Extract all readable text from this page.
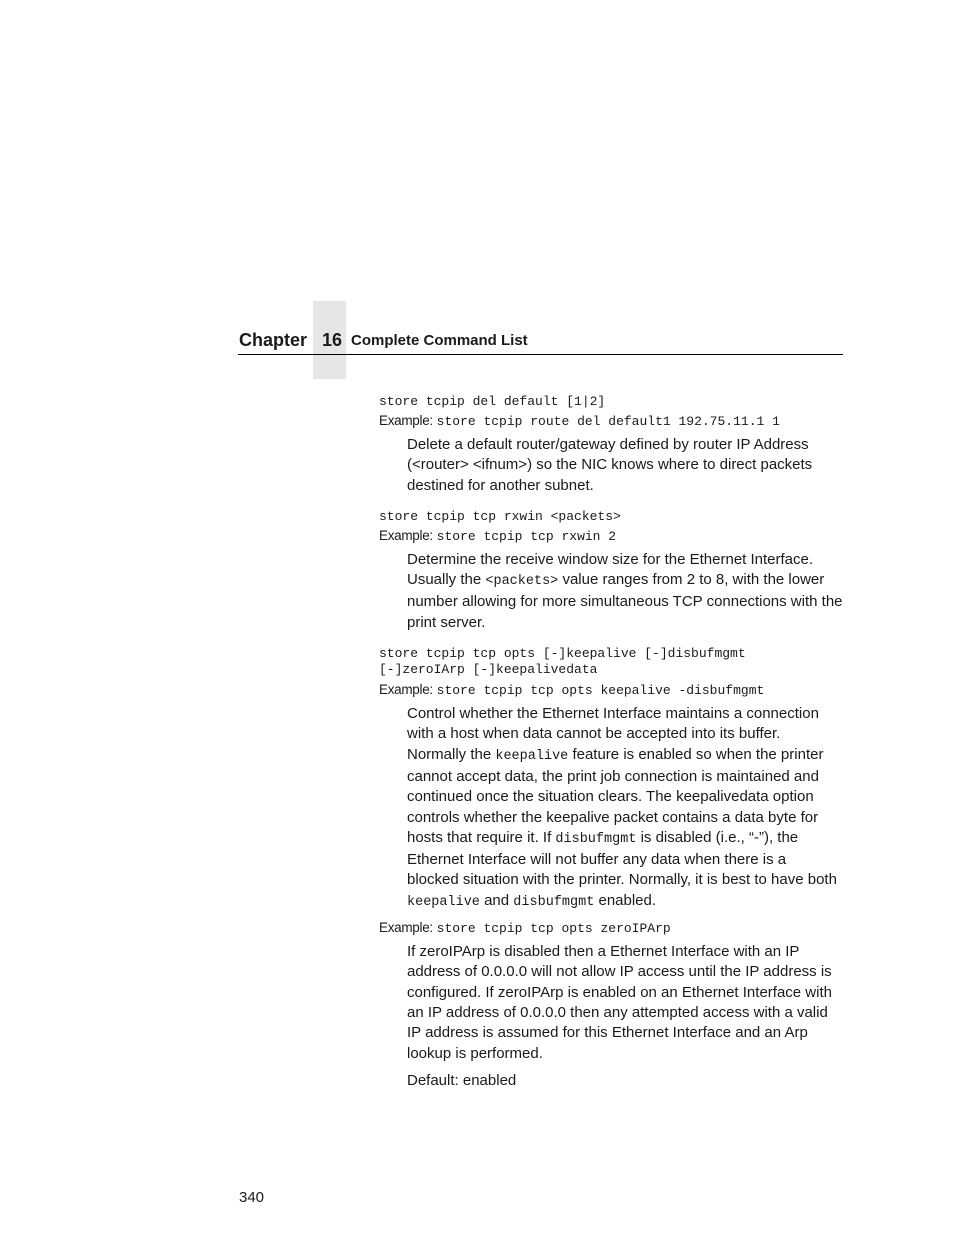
Chapter 16 Complete Command List

store tcpip del default [1|2]

Example: store tcpip route del default1 192.75.11.1 1

Delete a default router/gateway defined by router IP Address (<router> <ifnum>) so the NIC knows where to direct packets destined for another subnet.

store tcpip tcp rxwin <packets>

Example: store tcpip tcp rxwin 2

Determine the receive window size for the Ethernet Interface. Usually the <packets> value ranges from 2 to 8, with the lower number allowing for more simultaneous TCP connections with the print server.

store tcpip tcp opts [-]keepalive [-]disbufmgmt

[-]zeroIArp [-]keepalivedata

Example: store tcpip tcp opts keepalive -disbufmgmt

Control whether the Ethernet Interface maintains a connection with a host when data cannot be accepted into its buffer. Normally the keepalive feature is enabled so when the printer cannot accept data, the print job connection is maintained and continued once the situation clears. The keepalivedata option controls whether the keepalive packet contains a data byte for hosts that require it. If disbufmgmt is disabled (i.e., “-”), the Ethernet Interface will not buffer any data when there is a blocked situation with the printer. Normally, it is best to have both keepalive and disbufmgmt enabled.

Example: store tcpip tcp opts zeroIPArp

If zeroIPArp is disabled then a Ethernet Interface with an IP address of 0.0.0.0 will not allow IP access until the IP address is configured. If zeroIPArp is enabled on an Ethernet Interface with an IP address of 0.0.0.0 then any attempted access with a valid IP address is assumed for this Ethernet Interface and an Arp lookup is performed.

Default: enabled

340
